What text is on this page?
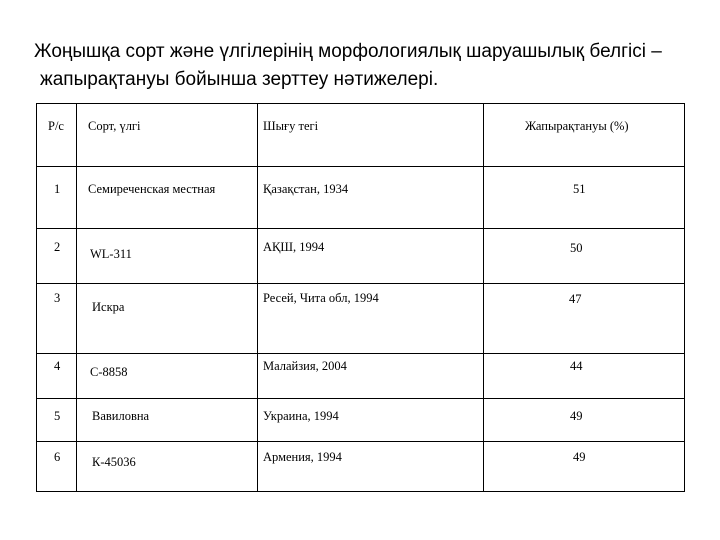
Жоңышқа сорт және үлгілерінің морфологиялық шаруашылық белгісі –
жапырақтануы бойынша зерттеу нәтижелері.
Р/с	Сорт, үлгі	Шығу тегі	Жапырақтануы (%)

1	Семиреченская местная	Қазақстан, 1934	51

2	WL-311	АҚШ, 1994	50

3	Искра	Ресей, Чита обл, 1994	47

4	С-8858	Малайзия, 2004	44

5	Вавиловна	Украина, 1994	49

6	К-45036	Армения, 1994	49
